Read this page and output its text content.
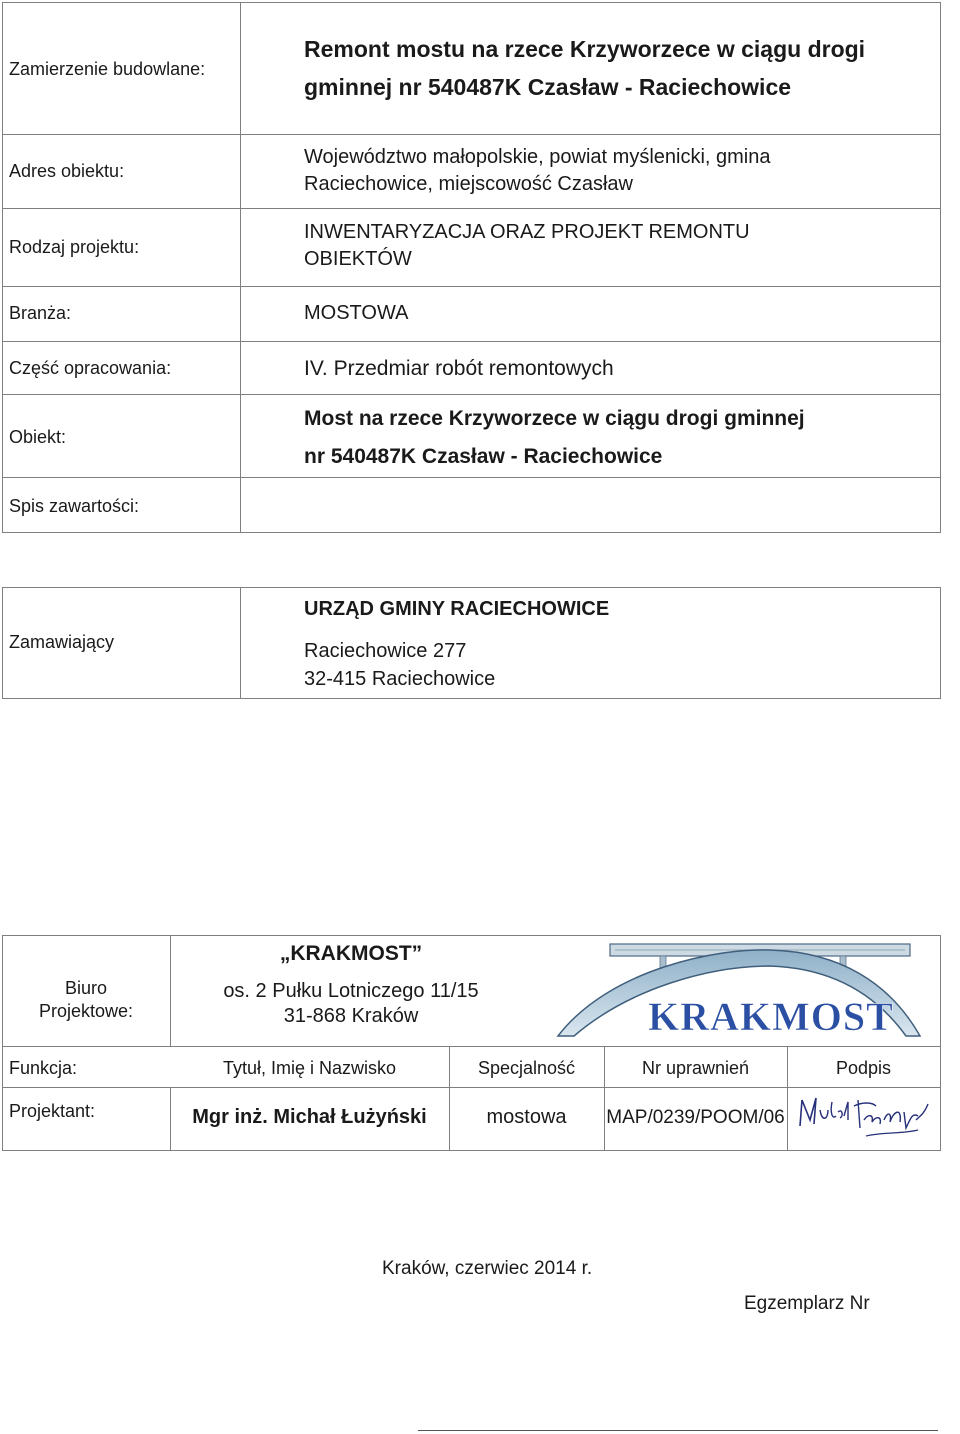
Zamierzenie budowlane:
Remont mostu na rzece Krzyworzece w ciągu drogi
gminnej nr 540487K Czasław - Raciechowice
Adres obiektu:
Województwo małopolskie, powiat myślenicki, gmina
Raciechowice, miejscowość Czasław
Rodzaj projektu:
INWENTARYZACJA ORAZ PROJEKT REMONTU
OBIEKTÓW
Branża:	MOSTOWA
Część opracowania:	IV. Przedmiar robót remontowych
Obiekt:
Most na rzece Krzyworzece w ciągu drogi gminnej
nr 540487K Czasław - Raciechowice
Spis zawartości:
Zamawiający
URZĄD GMINY RACIECHOWICE
Raciechowice 277
32-415 Raciechowice
Biuro
Projektowe:
„KRAKMOST”
os. 2 Pułku Lotniczego 11/15
31-868 Kraków	KRAKMOST
Funkcja:	Tytuł, Imię i Nazwisko	Specjalność	Nr uprawnień	Podpis
Projektant:	Mgr inż. Michał Łużyński	mostowa	MAP/0239/POOM/06
Kraków, czerwiec 2014 r.
Egzemplarz Nr
